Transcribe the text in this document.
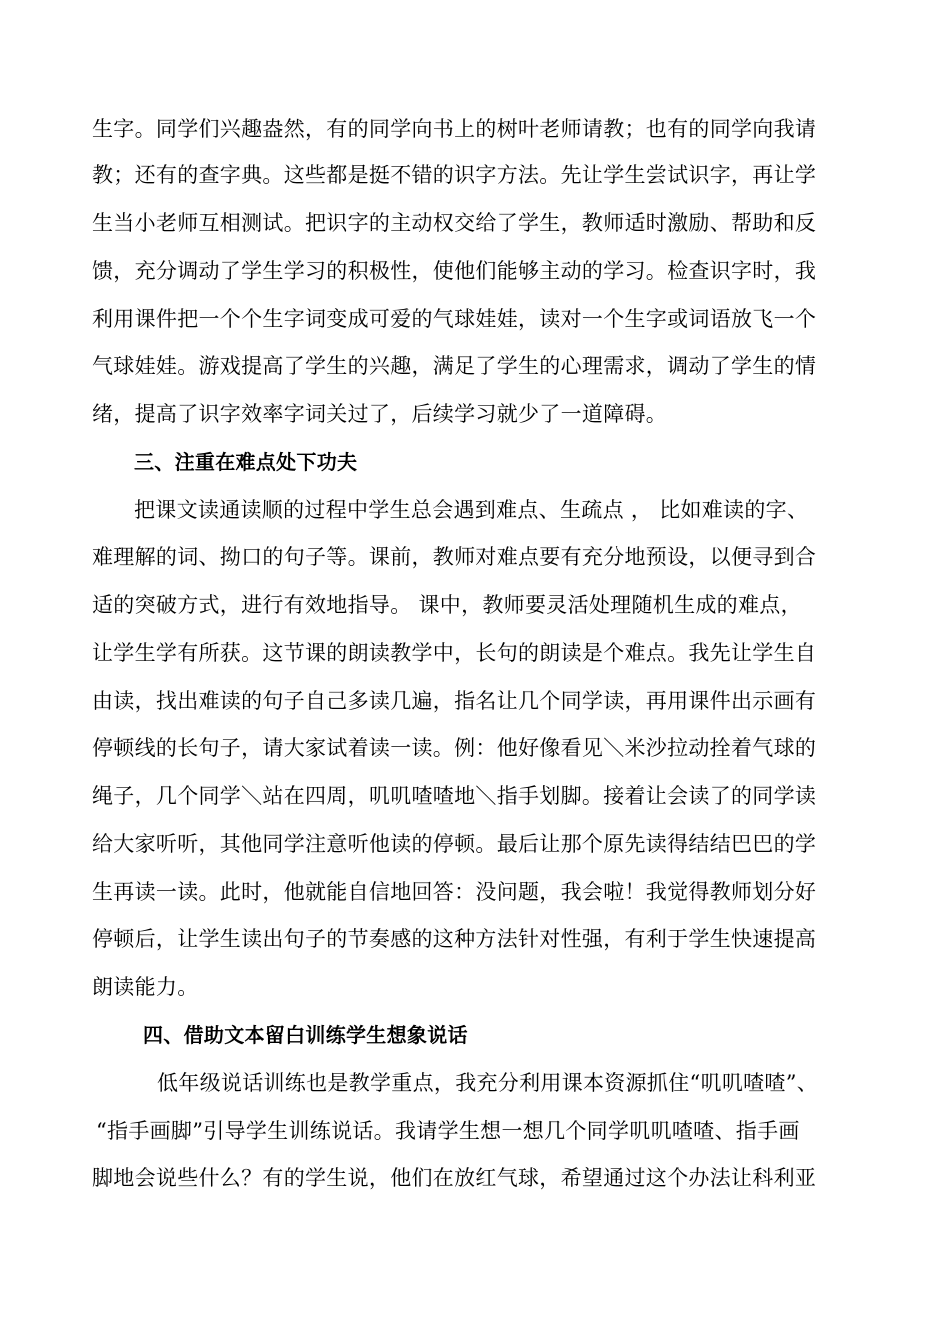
生字。同学们兴趣盎然，有的同学向书上的树叶老师请教；也有的同学向我请
教；还有的查字典。这些都是挺不错的识字方法。先让学生尝试识字，再让学
生当小老师互相测试。把识字的主动权交给了学生，教师适时激励、帮助和反
馈，充分调动了学生学习的积极性，使他们能够主动的学习。检查识字时，我
利用课件把一个个生字词变成可爱的气球娃娃，读对一个生字或词语放飞一个
气球娃娃。游戏提高了学生的兴趣，满足了学生的心理需求，调动了学生的情
绪，提高了识字效率字词关过了，后续学习就少了一道障碍。
三、注重在难点处下功夫
把课文读通读顺的过程中学生总会遇到难点、生疏点 ， 比如难读的字、
难理解的词、拗口的句子等。课前，教师对难点要有充分地预设，以便寻到合
适的突破方式，进行有效地指导。 课中，教师要灵活处理随机生成的难点，
让学生学有所获。这节课的朗读教学中，长句的朗读是个难点。我先让学生自
由读，找出难读的句子自己多读几遍，指名让几个同学读，再用课件出示画有
停顿线的长句子，请大家试着读一读。例：他好像看见＼米沙拉动拴着气球的
绳子，几个同学＼站在四周，叽叽喳喳地＼指手划脚。接着让会读了的同学读
给大家听听，其他同学注意听他读的停顿。最后让那个原先读得结结巴巴的学
生再读一读。此时，他就能自信地回答：没问题，我会啦！我觉得教师划分好
停顿后，让学生读出句子的节奏感的这种方法针对性强，有利于学生快速提高
朗读能力。
四、借助文本留白训练学生想象说话
低年级说话训练也是教学重点，我充分利用课本资源抓住“叽叽喳喳”、
“指手画脚”引导学生训练说话。我请学生想一想几个同学叽叽喳喳、指手画
脚地会说些什么？有的学生说，他们在放红气球，希望通过这个办法让科利亚
